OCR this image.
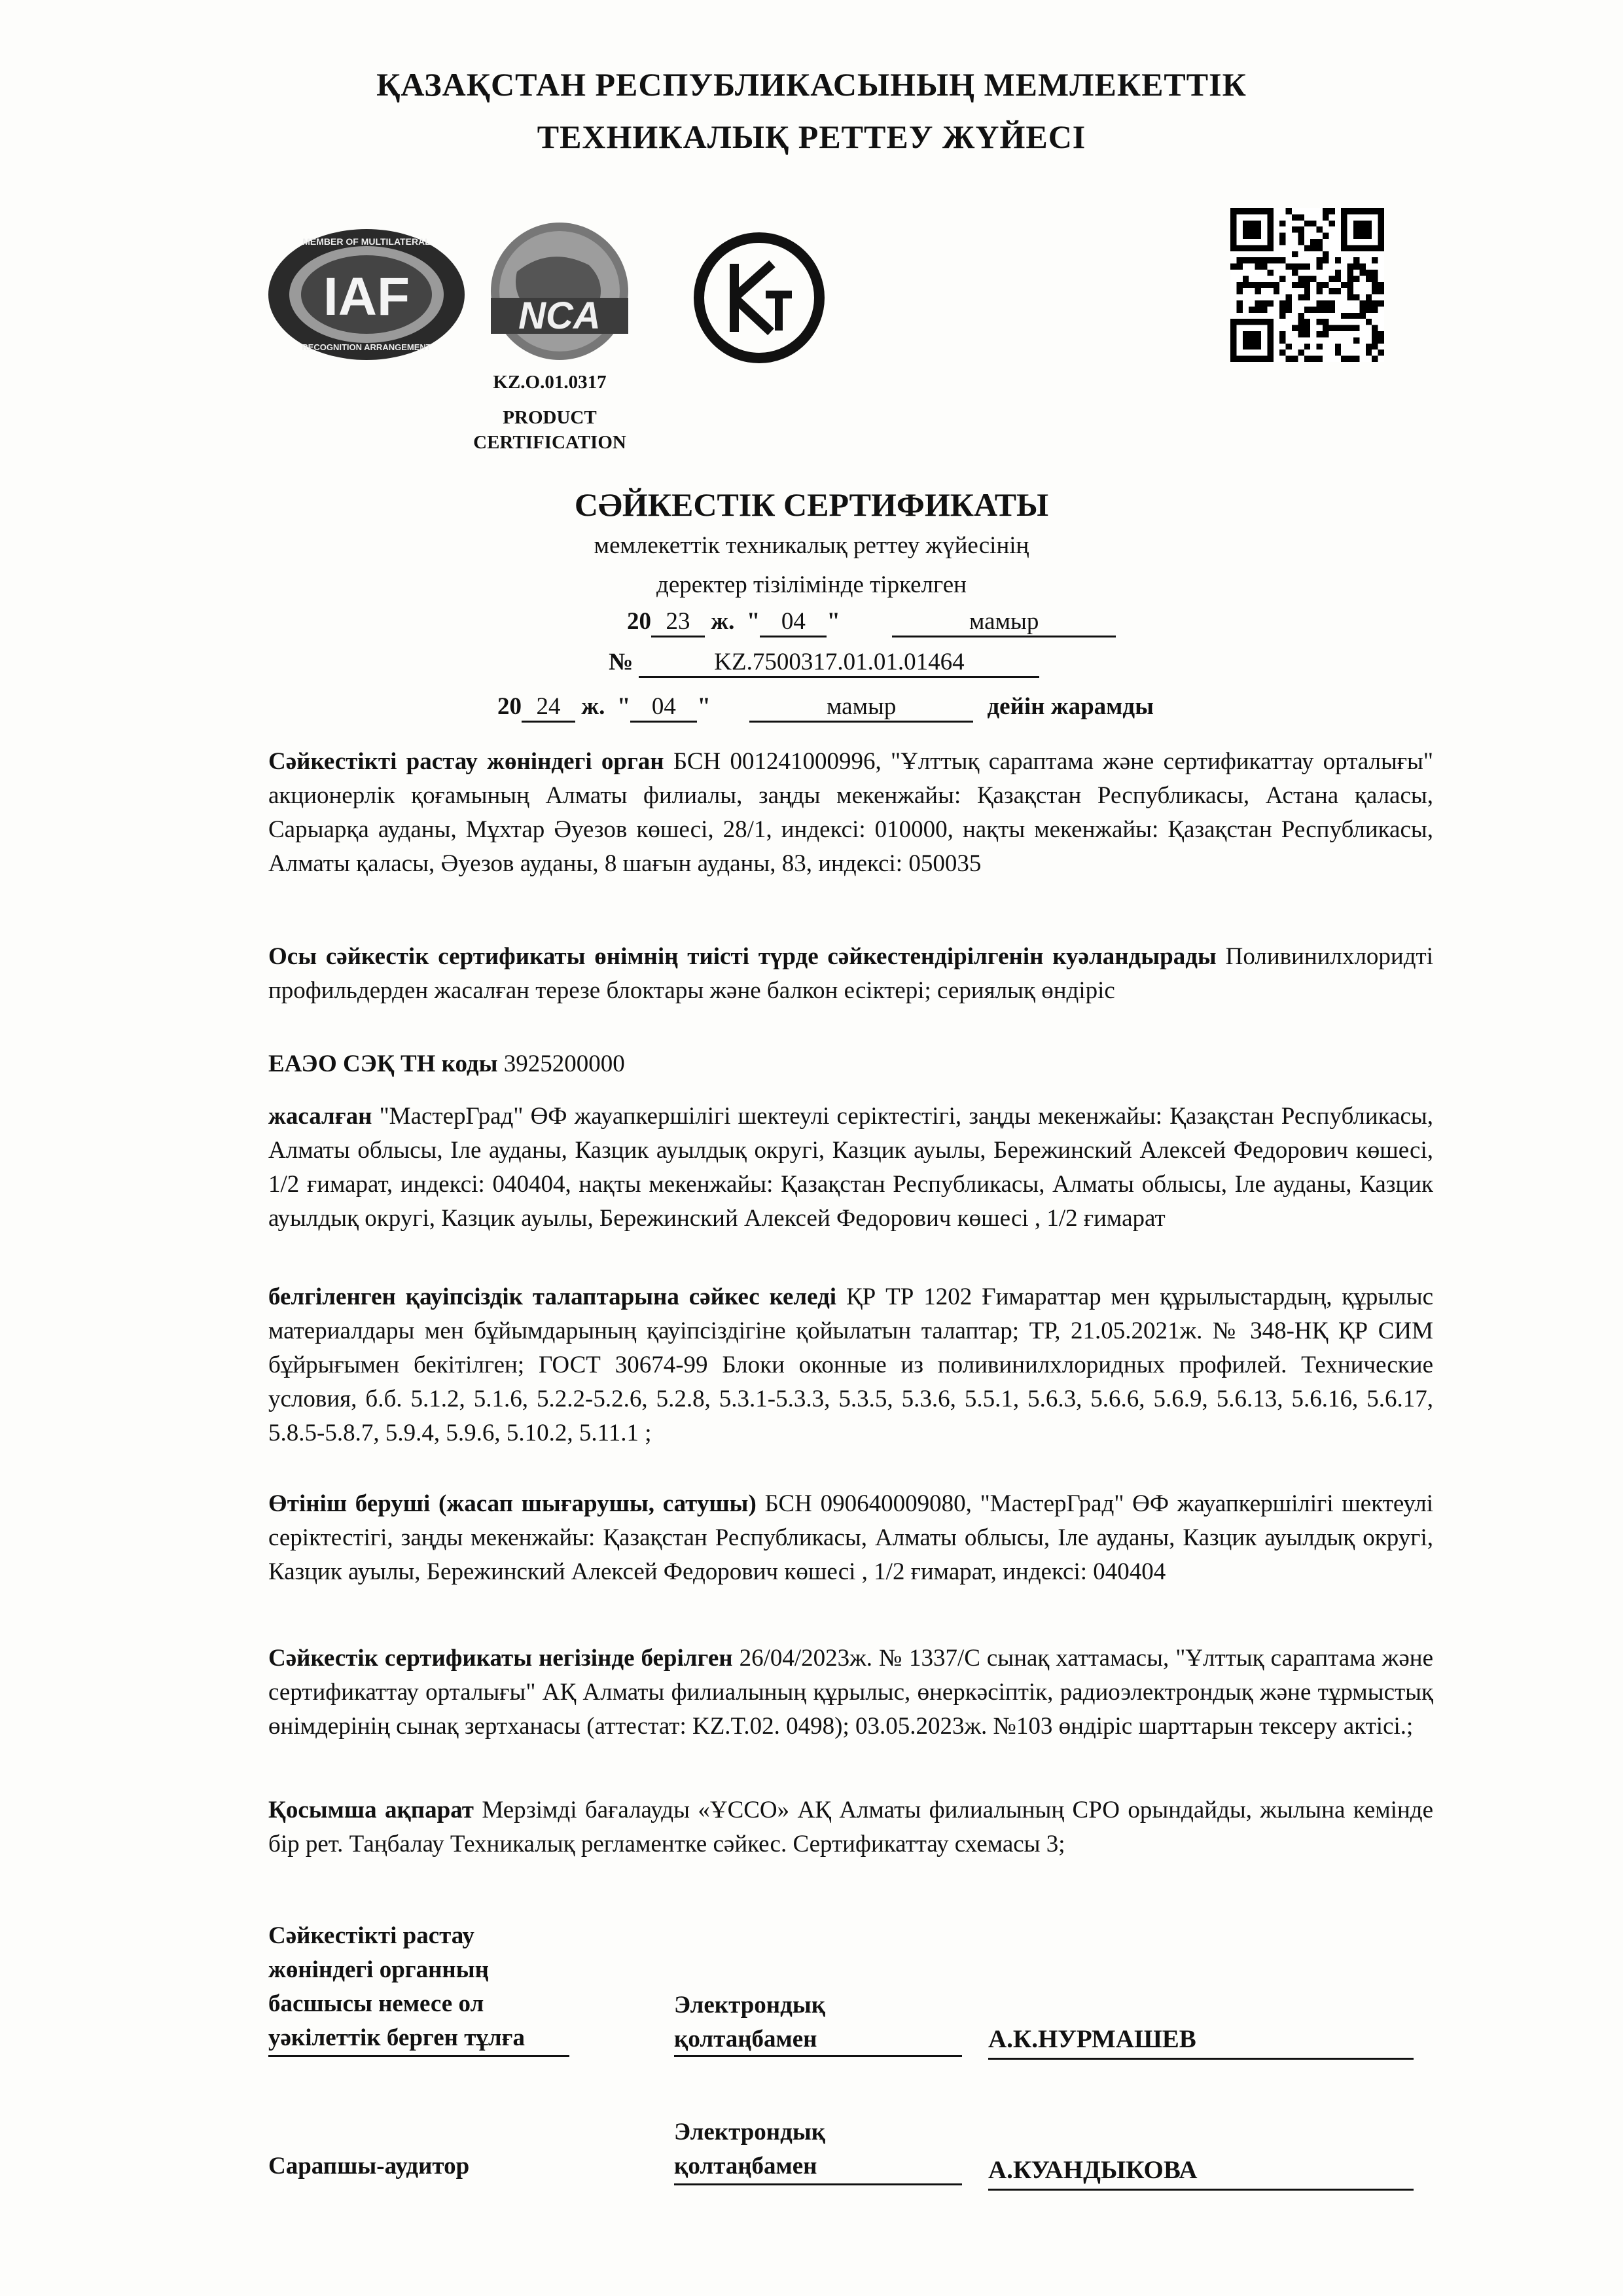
ҚАЗАҚСТАН РЕСПУБЛИКАСЫНЫҢ МЕМЛЕКЕТТІК
ТЕХНИКАЛЫҚ РЕТТЕУ ЖҮЙЕСІ
IAF
MEMBER OF MULTILATERAL
RECOGNITION ARRANGEMENT
NCA
KZ.O.01.0317
PRODUCT
CERTIFICATION
СӘЙКЕСТІК СЕРТИФИКАТЫ
мемлекеттік техникалық реттеу жүйесінің
деректер тізілімінде тіркелген
20 23 ж.  " 04 "	мамыр
№	KZ.7500317.01.01.01464
20 24 ж.  " 04 "	мамыр	дейін жарамды
Сәйкестікті растау жөніндегі орган БСН 001241000996, "Ұлттық сараптама және сертификаттау орталығы" акционерлік қоғамының Алматы филиалы, заңды мекенжайы: Қазақстан Республикасы, Астана қаласы, Сарыарқа ауданы, Мұхтар Әуезов көшесі, 28/1, индексі: 010000, нақты мекенжайы: Қазақстан Республикасы, Алматы қаласы, Әуезов ауданы, 8 шағын ауданы, 83, индексі: 050035
Осы сәйкестік сертификаты өнімнің тиісті түрде сәйкестендірілгенін куәландырады Поливинилхлоридті профильдерден жасалған терезе блоктары және балкон есіктері; сериялық өндіріс
ЕАЭО СЭҚ ТН коды 3925200000
жасалған "МастерГрад" ӨФ жауапкершілігі шектеулі серіктестігі, заңды мекенжайы: Қазақстан Республикасы, Алматы облысы, Іле ауданы, Казцик ауылдық округі, Казцик ауылы, Бережинский Алексей Федорович көшесі, 1/2 ғимарат, индексі: 040404, нақты мекенжайы: Қазақстан Республикасы, Алматы облысы, Іле ауданы, Казцик ауылдық округі, Казцик ауылы, Бережинский Алексей Федорович көшесі , 1/2 ғимарат
белгіленген қауіпсіздік талаптарына сәйкес келеді ҚР ТР 1202 Ғимараттар мен құрылыстардың, құрылыс материалдары мен бұйымдарының қауіпсіздігіне қойылатын талаптар; ТР, 21.05.2021ж. № 348-НҚ ҚР СИМ бұйрығымен бекітілген; ГОСТ 30674-99 Блоки оконные из поливинилхлоридных профилей. Технические условия, б.б. 5.1.2, 5.1.6, 5.2.2-5.2.6, 5.2.8, 5.3.1-5.3.3, 5.3.5, 5.3.6, 5.5.1, 5.6.3, 5.6.6, 5.6.9, 5.6.13, 5.6.16, 5.6.17, 5.8.5-5.8.7, 5.9.4, 5.9.6, 5.10.2, 5.11.1 ;
Өтініш беруші (жасап шығарушы, сатушы) БСН 090640009080, "МастерГрад" ӨФ жауапкершілігі шектеулі серіктестігі, заңды мекенжайы: Қазақстан Республикасы, Алматы облысы, Іле ауданы, Казцик ауылдық округі, Казцик ауылы, Бережинский Алексей Федорович көшесі , 1/2 ғимарат, индексі: 040404
Сәйкестік сертификаты негізінде берілген 26/04/2023ж. № 1337/С сынақ хаттамасы, "Ұлттық сараптама және сертификаттау орталығы" АҚ Алматы филиалының құрылыс, өнеркәсіптік, радиоэлектрондық және тұрмыстық өнімдерінің сынақ зертханасы (аттестат: KZ.T.02. 0498); 03.05.2023ж. №103 өндіріс шарттарын тексеру актісі.;
Қосымша ақпарат Мерзімді бағалауды «ҰССО» АҚ Алматы филиалының СРО орындайды, жылына кемінде бір рет. Таңбалау Техникалық регламентке сәйкес. Сертификаттау схемасы 3;
Сәйкестікті растау
жөніндегі органның
басшысы немесе ол
уәкілеттік берген тұлға
Электрондық
қолтаңбамен	А.К.НУРМАШЕВ
Сарапшы-аудитор
Электрондық
қолтаңбамен	А.КУАНДЫКОВА
